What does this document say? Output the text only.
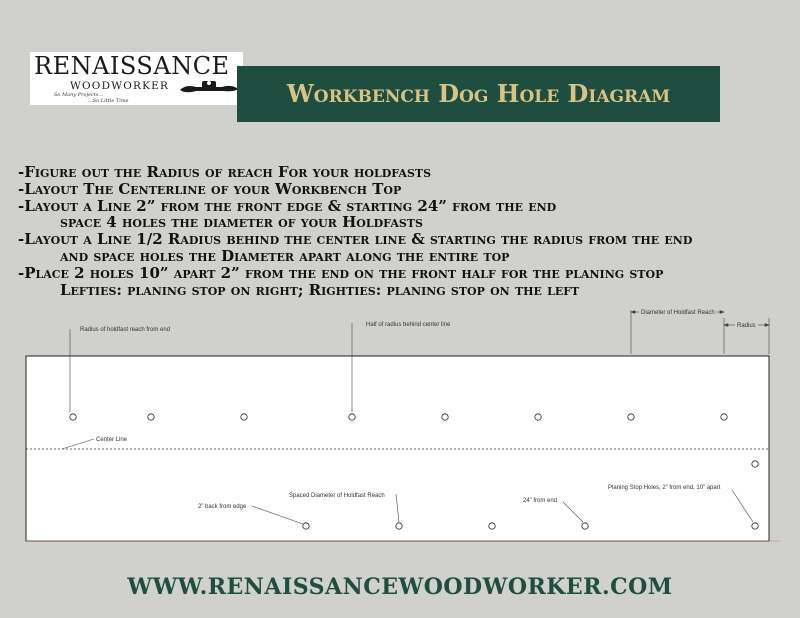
RENAISSANCE
WOODWORKER
So Many Projects...
...So Little Time	Workbench Dog Hole Diagram
-Figure out the Radius of reach For your holdfasts
-Layout The Centerline of your Workbench Top
-Layout a Line 2” from the front edge & starting 24” from the end
space 4 holes the diameter of your Holdfasts
-Layout a Line 1/2 Radius behind the center line & starting the radius from the end
and space holes the Diameter apart along the entire top
-Place 2 holes 10” apart 2” from the end on the front half for the planing stop
Lefties: planing stop on right; Righties: planing stop on the left
Radius of holdfast reach from end
Half of radius behind center line
Diameter of Holdfast Reach
Radius
Center Line
2” back from edge
Spaced Diameter of Holdfast Reach
24” from end
Planing Stop Holes, 2” from end, 10” apart
WWW.RENAISSANCEWOODWORKER.COM
